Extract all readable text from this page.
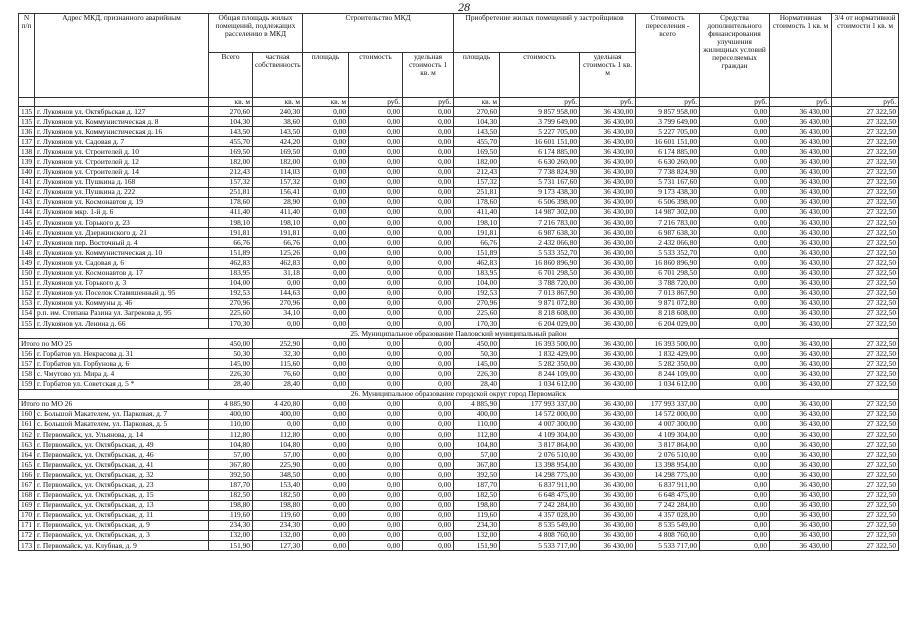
28
N п/п	Адрес МКД, признанного аварийным	Общая площадь жилых помещений, подлежащих расселению в МКД		Строительство МКД			Приобретение жилых помещений у застройщиков			Стоимость переселения - всего	Средства дополнительного финансирования улучшения жилищных условий переселяемых граждан	Нормативная стоимость 1 кв. м	3/4 от нормативной стоимости 1 кв. м
		Всего	частная собственность	площадь	стоимость	удельная стоимость 1 кв. м	площадь	стоимость	удельная стоимость 1 кв. м				
		кв. м	кв. м	кв. м	руб.	руб.	кв. м	руб.	руб.	руб.	руб.	руб.	руб.
135	г. Лукоянов ул. Октябрьская д. 127	270,60	240,30	0,00	0,00	0,00	270,60	9 857 958,00	36 430,00	9 857 958,00	0,00	36 430,00	27 322,50
135	г. Лукоянов ул. Коммунистическая д. 8	104,30	38,60	0,00	0,00	0,00	104,30	3 799 649,00	36 430,00	3 799 649,00	0,00	36 430,00	27 322,50
136	г. Лукоянов ул. Коммунистическая д. 16	143,50	143,50	0,00	0,00	0,00	143,50	5 227 705,00	36 430,00	5 227 705,00	0,00	36 430,00	27 322,50
137	г. Лукоянов ул. Садовая д. 7	455,70	424,20	0,00	0,00	0,00	455,70	16 601 151,00	36 430,00	16 601 151,00	0,00	36 430,00	27 322,50
138	г. Лукоянов ул. Строителей д. 10	169,50	169,50	0,00	0,00	0,00	169,50	6 174 885,00	36 430,00	6 174 885,00	0,00	36 430,00	27 322,50
139	г. Лукоянов ул. Строителей д. 12	182,00	182,00	0,00	0,00	0,00	182,00	6 630 260,00	36 430,00	6 630 260,00	0,00	36 430,00	27 322,50
140	г. Лукоянов ул. Строителей д. 14	212,43	114,03	0,00	0,00	0,00	212,43	7 738 824,90	36 430,00	7 738 824,90	0,00	36 430,00	27 322,50
141	г. Лукоянов ул. Пушкина д. 168	157,32	157,32	0,00	0,00	0,00	157,32	5 731 167,60	36 430,00	5 731 167,60	0,00	36 430,00	27 322,50
142	г. Лукоянов ул. Пушкина д. 222	251,81	156,41	0,00	0,00	0,00	251,81	9 173 438,30	36 430,00	9 173 438,30	0,00	36 430,00	27 322,50
143	г. Лукоянов ул. Космонавтов д. 19	178,60	28,90	0,00	0,00	0,00	178,60	6 506 398,00	36 430,00	6 506 398,00	0,00	36 430,00	27 322,50
144	г. Лукоянов мкр. 1-й д. 6	411,40	411,40	0,00	0,00	0,00	411,40	14 987 302,00	36 430,00	14 987 302,00	0,00	36 430,00	27 322,50
145	г. Лукоянов ул. Горького д. 23	198,10	198,10	0,00	0,00	0,00	198,10	7 216 783,00	36 430,00	7 216 783,00	0,00	36 430,00	27 322,50
146	г. Лукоянов ул. Дзержинского д. 21	191,81	191,81	0,00	0,00	0,00	191,81	6 987 638,30	36 430,00	6 987 638,30	0,00	36 430,00	27 322,50
147	г. Лукоянов пер. Восточный д. 4	66,76	66,76	0,00	0,00	0,00	66,76	2 432 066,80	36 430,00	2 432 066,80	0,00	36 430,00	27 322,50
148	г. Лукоянов ул. Коммунистическая д. 10	151,89	125,26	0,00	0,00	0,00	151,89	5 533 352,70	36 430,00	5 533 352,70	0,00	36 430,00	27 322,50
149	г. Лукоянов ул. Садовая д. 6	462,83	462,83	0,00	0,00	0,00	462,83	16 860 896,90	36 430,00	16 860 896,90	0,00	36 430,00	27 322,50
150	г. Лукоянов ул. Космонавтов д. 17	183,95	31,18	0,00	0,00	0,00	183,95	6 701 298,50	36 430,00	6 701 298,50	0,00	36 430,00	27 322,50
151	г. Лукоянов ул. Горького д. 3	104,00	0,00	0,00	0,00	0,00	104,00	3 788 720,00	36 430,00	3 788 720,00	0,00	36 430,00	27 322,50
152	г. Лукоянов ул. Поселок Ставишенный д. 95	192,53	144,63	0,00	0,00	0,00	192,53	7 013 867,90	36 430,00	7 013 867,90	0,00	36 430,00	27 322,50
153	г. Лукоянов ул. Коммуны д. 46	270,96	270,96	0,00	0,00	0,00	270,96	9 871 072,80	36 430,00	9 871 072,80	0,00	36 430,00	27 322,50
154	р.п. им. Степана Разина ул. Загрекова д. 95	225,60	34,10	0,00	0,00	0,00	225,60	8 218 608,00	36 430,00	8 218 608,00	0,00	36 430,00	27 322,50
155	г. Лукоянов ул. Ленина д. 66	170,30	0,00	0,00	0,00	0,00	170,30	6 204 029,00	36 430,00	6 204 029,00	0,00	36 430,00	27 322,50
25. Муниципальное образование Павловский муниципальный район													
Итого по МО 25		450,00	252,90	0,00	0,00	0,00	450,00	16 393 500,00	36 430,00	16 393 500,00	0,00	36 430,00	27 322,50
156	г. Горбатов ул. Некрасова д. 31	50,30	32,30	0,00	0,00	0,00	50,30	1 832 429,00	36 430,00	1 832 429,00	0,00	36 430,00	27 322,50
157	г. Горбатов ул. Горбунова д. 6	145,00	115,60	0,00	0,00	0,00	145,00	5 282 350,00	36 430,00	5 282 350,00	0,00	36 430,00	27 322,50
158	с. Чмутово ул. Мира д. 4	226,30	76,60	0,00	0,00	0,00	226,30	8 244 109,00	36 430,00	8 244 109,00	0,00	36 430,00	27 322,50
159	г. Горбатов ул. Советская д. 5 *	28,40	28,40	0,00	0,00	0,00	28,40	1 034 612,00	36 430,00	1 034 612,00	0,00	36 430,00	27 322,50
26. Муниципальное образование городской округ город Первомайск													
Итого по МО 26		4 885,90	4 420,80	0,00	0,00	0,00	4 885,90	177 993 337,00	36 430,00	177 993 337,00	0,00	36 430,00	27 322,50
160	с. Большой Макателем, ул. Парковая, д. 7	400,00	400,00	0,00	0,00	0,00	400,00	14 572 000,00	36 430,00	14 572 000,00	0,00	36 430,00	27 322,50
161	с. Большой Макателем, ул. Парковая, д. 5	110,00	0,00	0,00	0,00	0,00	110,00	4 007 300,00	36 430,00	4 007 300,00	0,00	36 430,00	27 322,50
162	г. Первомайск, ул. Ульянова, д. 14	112,80	112,80	0,00	0,00	0,00	112,80	4 109 304,00	36 430,00	4 109 304,00	0,00	36 430,00	27 322,50
163	г. Первомайск, ул. Октябрьская, д. 49	104,80	104,80	0,00	0,00	0,00	104,80	3 817 864,00	36 430,00	3 817 864,00	0,00	36 430,00	27 322,50
164	г. Первомайск, ул. Октябрьская, д. 46	57,00	57,00	0,00	0,00	0,00	57,00	2 076 510,00	36 430,00	2 076 510,00	0,00	36 430,00	27 322,50
165	г. Первомайск, ул. Октябрьская, д. 41	367,80	225,90	0,00	0,00	0,00	367,80	13 398 954,00	36 430,00	13 398 954,00	0,00	36 430,00	27 322,50
166	г. Первомайск, ул. Октябрьская, д. 32	392,50	348,50	0,00	0,00	0,00	392,50	14 298 775,00	36 430,00	14 298 775,00	0,00	36 430,00	27 322,50
167	г. Первомайск, ул. Октябрьская, д. 23	187,70	153,40	0,00	0,00	0,00	187,70	6 837 911,00	36 430,00	6 837 911,00	0,00	36 430,00	27 322,50
168	г. Первомайск, ул. Октябрьская, д. 15	182,50	182,50	0,00	0,00	0,00	182,50	6 648 475,00	36 430,00	6 648 475,00	0,00	36 430,00	27 322,50
169	г. Первомайск, ул. Октябрьская, д. 13	198,80	198,80	0,00	0,00	0,00	198,80	7 242 284,00	36 430,00	7 242 284,00	0,00	36 430,00	27 322,50
170	г. Первомайск, ул. Октябрьская, д. 11	119,60	119,60	0,00	0,00	0,00	119,60	4 357 028,00	36 430,00	4 357 028,00	0,00	36 430,00	27 322,50
171	г. Первомайск, ул. Октябрьская, д. 9	234,30	234,30	0,00	0,00	0,00	234,30	8 535 549,00	36 430,00	8 535 549,00	0,00	36 430,00	27 322,50
172	г. Первомайск, ул. Октябрьская, д. 3	132,00	132,00	0,00	0,00	0,00	132,00	4 808 760,00	36 430,00	4 808 760,00	0,00	36 430,00	27 322,50
173	г. Первомайск, ул. Клубная, д. 9	151,90	127,30	0,00	0,00	0,00	151,90	5 533 717,00	36 430,00	5 533 717,00	0,00	36 430,00	27 322,50
